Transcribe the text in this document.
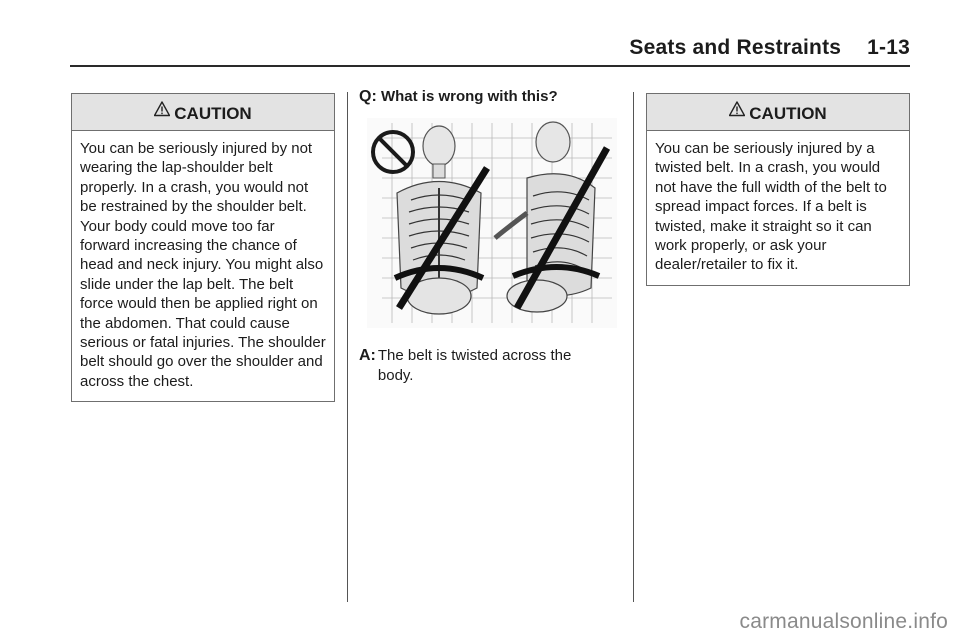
Seats and Restraints 1-13
CAUTION
You can be seriously injured by not wearing the lap-shoulder belt properly. In a crash, you would not be restrained by the shoulder belt. Your body could move too far forward increasing the chance of head and neck injury. You might also slide under the lap belt. The belt force would then be applied right on the abdomen. That could cause serious or fatal injuries. The shoulder belt should go over the shoulder and across the chest.
Q: What is wrong with this?
A: The belt is twisted across the body.
CAUTION
You can be seriously injured by a twisted belt. In a crash, you would not have the full width of the belt to spread impact forces. If a belt is twisted, make it straight so it can work properly, or ask your dealer/retailer to fix it.
carmanualsonline.info
